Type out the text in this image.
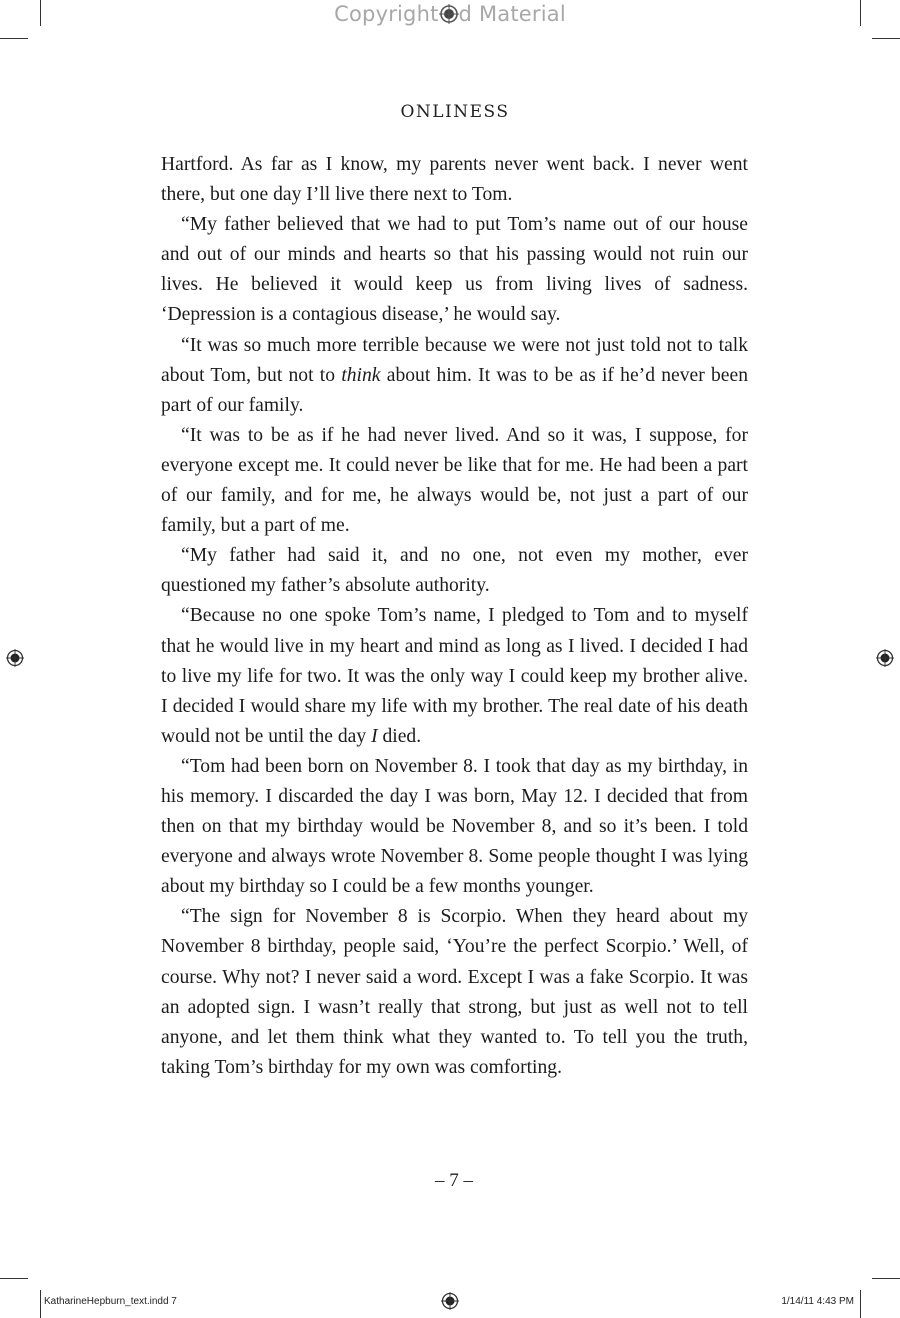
Copyright d Material
ONLINESS

Hartford. As far as I know, my parents never went back. I never went there, but one day I’ll live there next to Tom.

“My father believed that we had to put Tom’s name out of our house and out of our minds and hearts so that his passing would not ruin our lives. He believed it would keep us from living lives of sadness. ‘Depression is a contagious disease,’ he would say.

“It was so much more terrible because we were not just told not to talk about Tom, but not to think about him. It was to be as if he’d never been part of our family.

“It was to be as if he had never lived. And so it was, I suppose, for everyone except me. It could never be like that for me. He had been a part of our family, and for me, he always would be, not just a part of our family, but a part of me.

“My father had said it, and no one, not even my mother, ever questioned my father’s absolute authority.

“Because no one spoke Tom’s name, I pledged to Tom and to myself that he would live in my heart and mind as long as I lived. I decided I had to live my life for two. It was the only way I could keep my brother alive. I decided I would share my life with my brother. The real date of his death would not be until the day I died.

“Tom had been born on November 8. I took that day as my birthday, in his memory. I discarded the day I was born, May 12. I decided that from then on that my birthday would be November 8, and so it’s been. I told everyone and always wrote November 8. Some people thought I was lying about my birthday so I could be a few months younger.

“The sign for November 8 is Scorpio. When they heard about my November 8 birthday, people said, ‘You’re the perfect Scorpio.’ Well, of course. Why not? I never said a word. Except I was a fake Scorpio. It was an adopted sign. I wasn’t really that strong, but just as well not to tell anyone, and let them think what they wanted to. To tell you the truth, taking Tom’s birthday for my own was comforting.

– 7 –
KatharineHepburn_text.indd 7	1/14/11 4:43 PM
